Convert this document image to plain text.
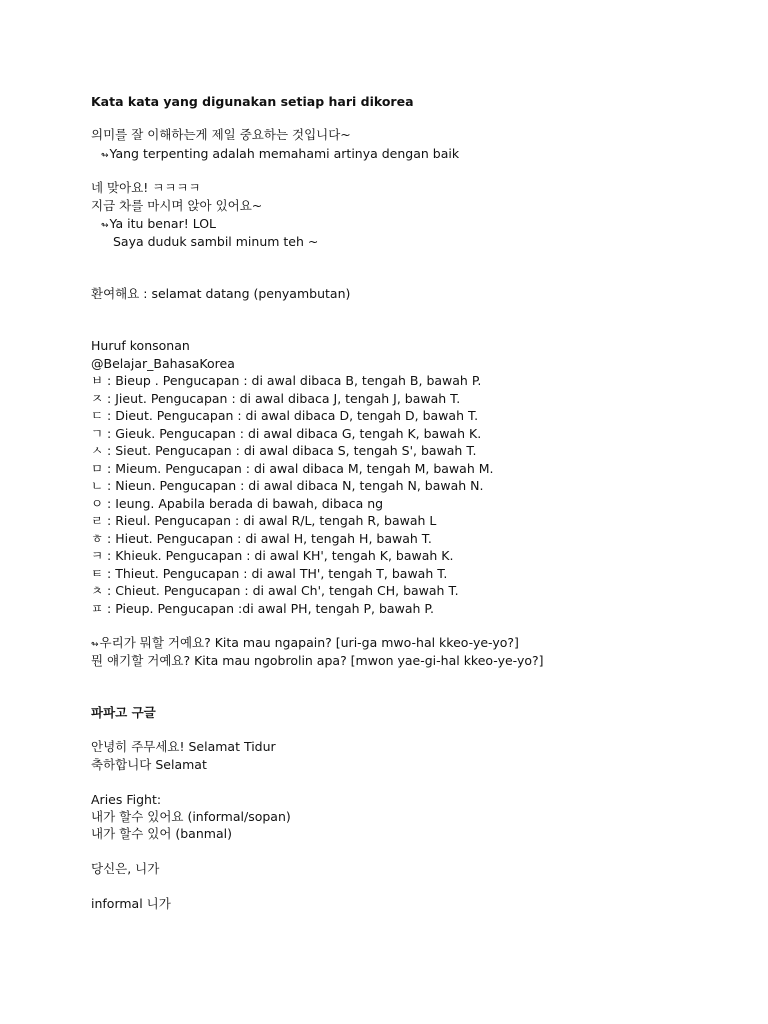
Kata kata yang digunakan setiap hari dikorea
의미를 잘 이해하는게 제일 중요하는 것입니다~
↬Yang terpenting adalah memahami artinya dengan baik
네 맞아요! ㅋㅋㅋㅋ
지금 차를 마시며 앉아 있어요~
↬Ya itu benar! LOL
Saya duduk sambil minum teh ~
환여해요 : selamat datang (penyambutan)
Huruf konsonan
@Belajar_BahasaKorea
ㅂ : Bieup . Pengucapan : di awal dibaca B, tengah B, bawah P.
ㅈ : Jieut. Pengucapan : di awal dibaca J, tengah J, bawah T.
ㄷ : Dieut. Pengucapan : di awal dibaca D, tengah D, bawah T.
ㄱ : Gieuk. Pengucapan : di awal dibaca G, tengah K, bawah K.
ㅅ : Sieut. Pengucapan : di awal dibaca S, tengah S', bawah T.
ㅁ : Mieum. Pengucapan : di awal dibaca M, tengah M, bawah M.
ㄴ : Nieun. Pengucapan : di awal dibaca N, tengah N, bawah N.
ㅇ : Ieung. Apabila berada di bawah, dibaca ng
ㄹ : Rieul. Pengucapan : di awal R/L, tengah R, bawah L
ㅎ : Hieut. Pengucapan : di awal H, tengah H, bawah T.
ㅋ : Khieuk. Pengucapan : di awal KH', tengah K, bawah K.
ㅌ : Thieut. Pengucapan : di awal TH', tengah T, bawah T.
ㅊ : Chieut. Pengucapan : di awal Ch', tengah CH, bawah T.
ㅍ : Pieup. Pengucapan :di awal PH, tengah P, bawah P.
↬우리가 뭐할 거예요? Kita mau ngapain? [uri-ga mwo-hal kkeo-ye-yo?]
뭔 얘기할 거예요? Kita mau ngobrolin apa? [mwon yae-gi-hal kkeo-ye-yo?]
파파고 구글
안녕히 주무세요! Selamat Tidur
축하합니다 Selamat
Aries Fight:
내가 할수 있어요 (informal/sopan)
내가 할수 있어 (banmal)
당신은, 니가
informal 니가
